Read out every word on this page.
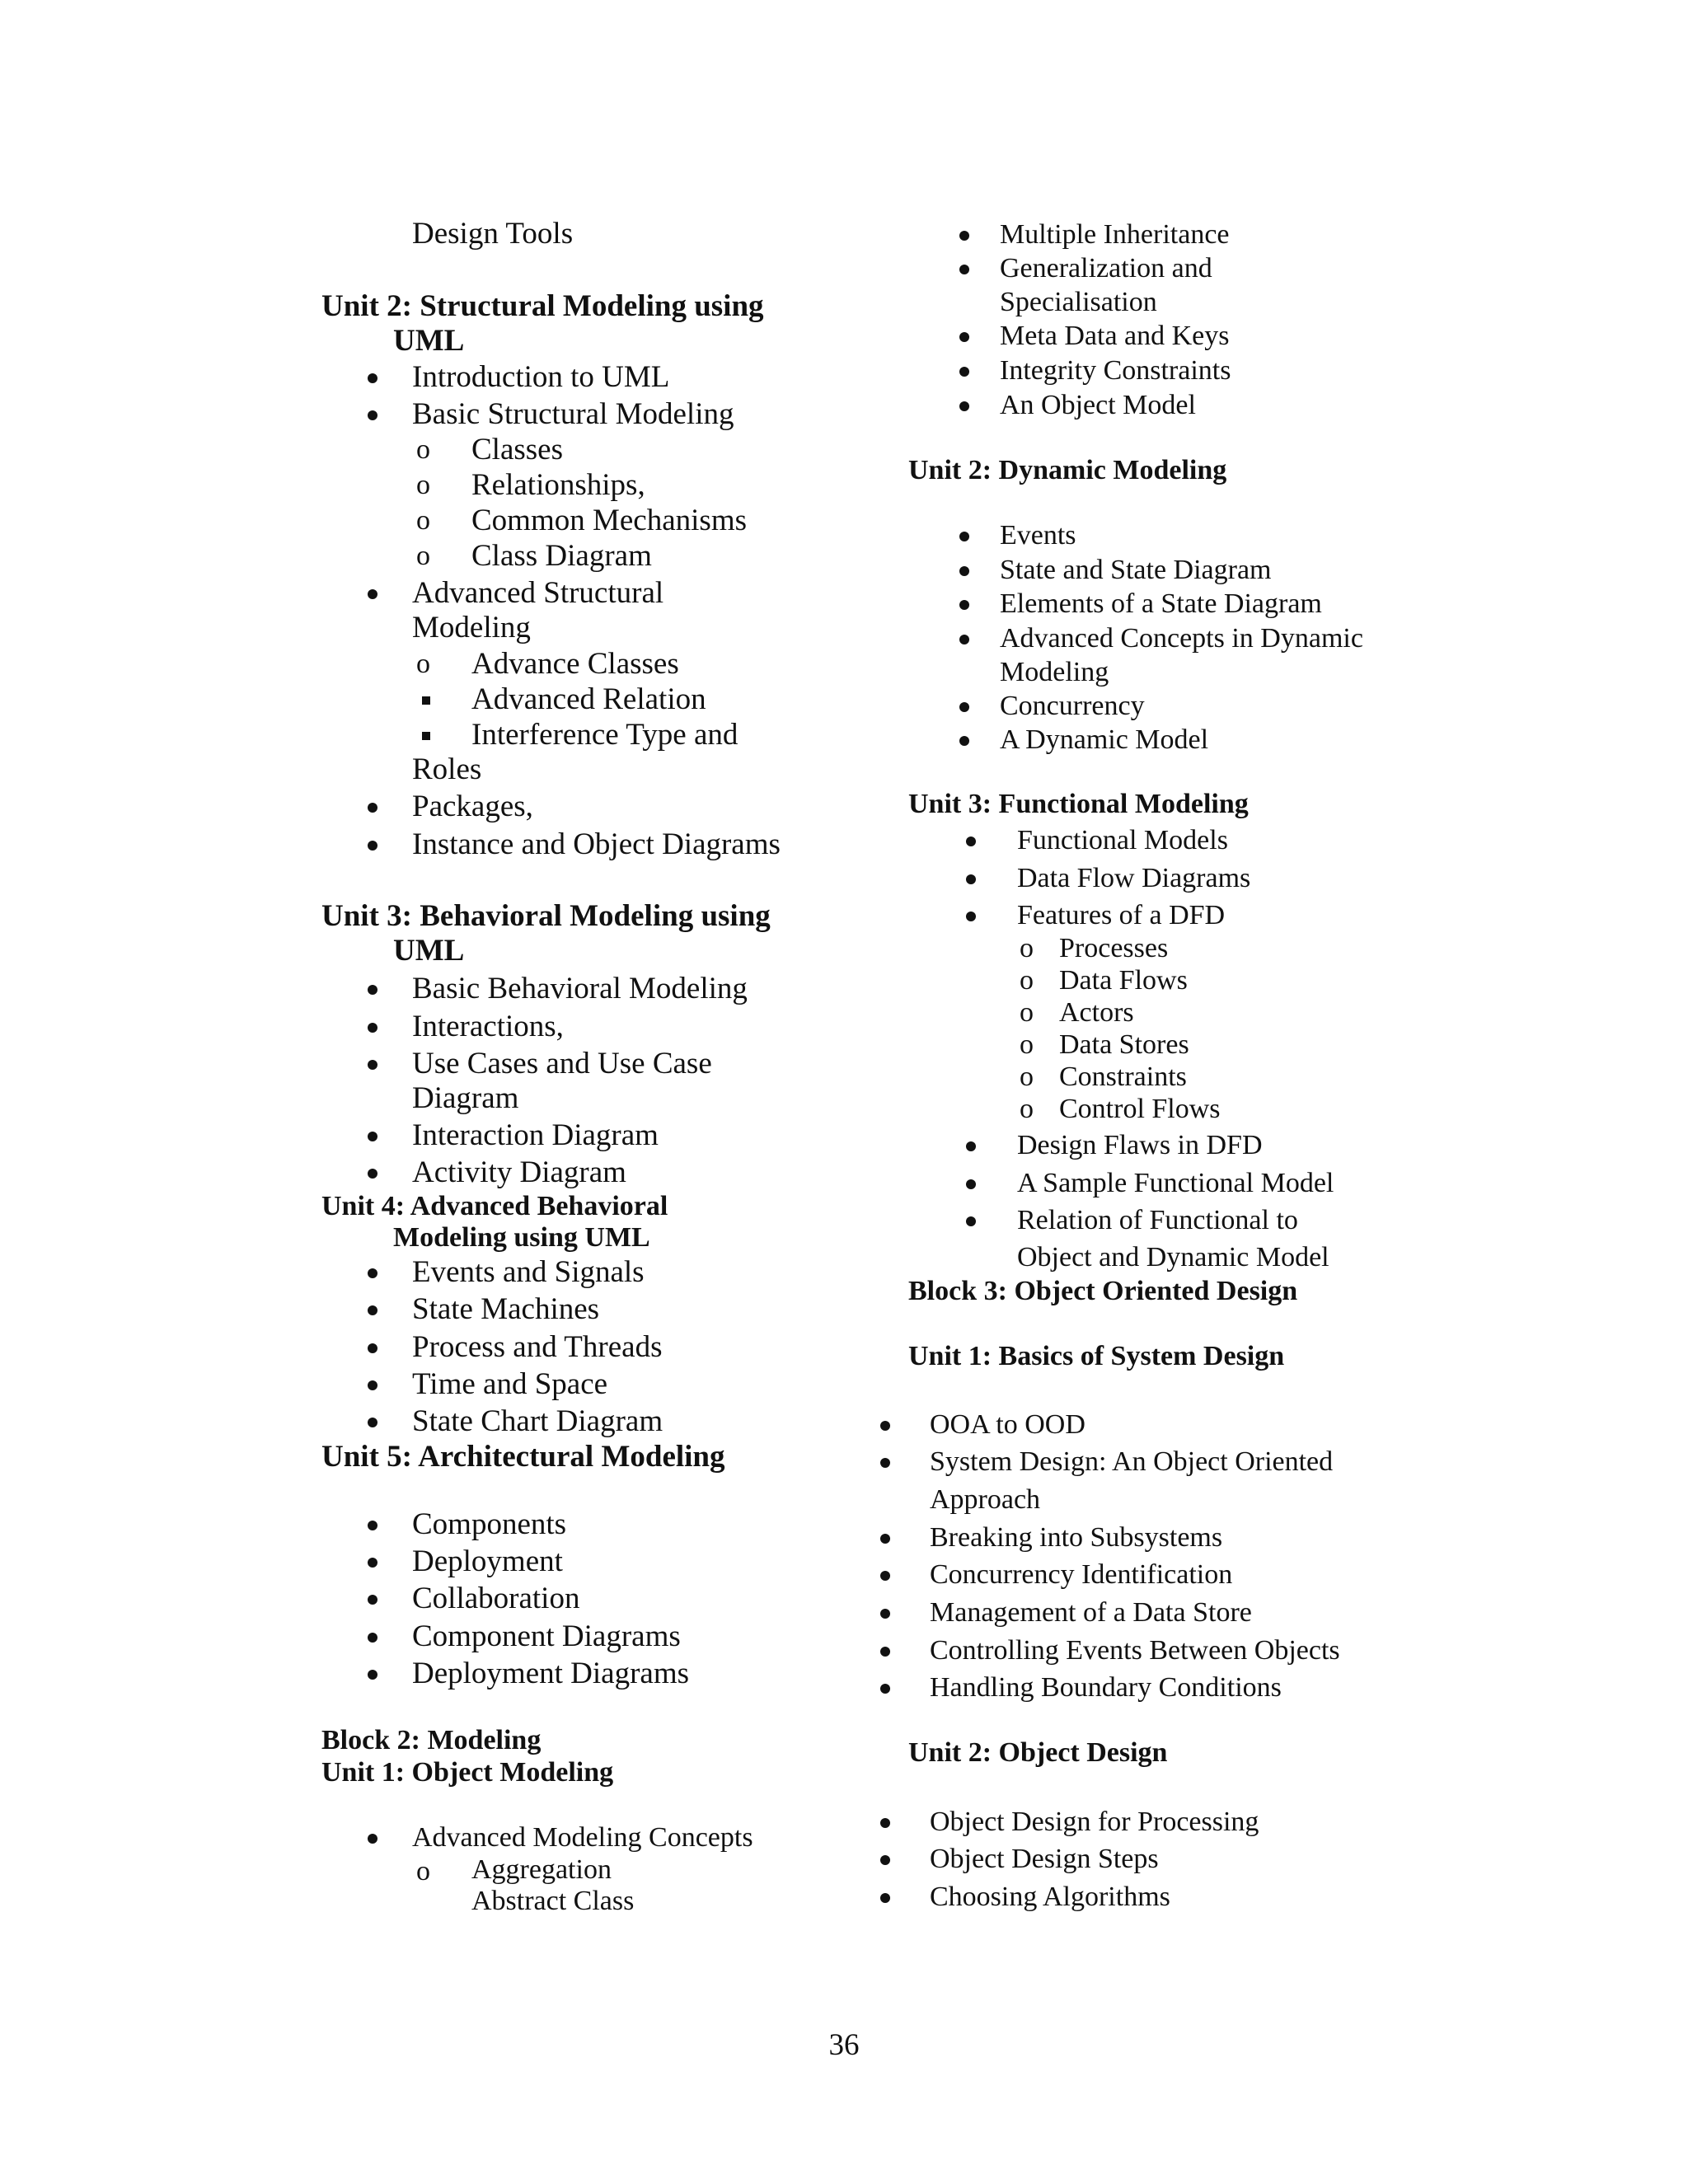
Design Tools
Unit 2: Structural Modeling using
UML
Introduction to UML
Basic Structural Modeling
o Classes
o Relationships,
o Common Mechanisms
o Class Diagram
Advanced Structural
Modeling
o Advance Classes
Advanced Relation
Interference Type and
Roles
Packages,
Instance and Object Diagrams
Unit 3: Behavioral Modeling using
UML
Basic Behavioral Modeling
Interactions,
Use Cases and Use Case
Diagram
Interaction Diagram
Activity Diagram
Unit 4: Advanced Behavioral
Modeling using UML
Events and Signals
State Machines
Process and Threads
Time and Space
State Chart Diagram
Unit 5: Architectural Modeling
Components
Deployment
Collaboration
Component Diagrams
Deployment Diagrams
Block 2: Modeling
Unit 1: Object Modeling
Advanced Modeling Concepts
o Aggregation
Abstract Class
Multiple Inheritance
Generalization and
Specialisation
Meta Data and Keys
Integrity Constraints
An Object Model
Unit 2: Dynamic Modeling
Events
State and State Diagram
Elements of a State Diagram
Advanced Concepts in Dynamic
Modeling
Concurrency
A Dynamic Model
Unit 3: Functional Modeling
Functional Models
Data Flow Diagrams
Features of a DFD
o Processes
o Data Flows
o Actors
o Data Stores
o Constraints
o Control Flows
Design Flaws in DFD
A Sample Functional Model
Relation of Functional to
Object and Dynamic Model
Block 3: Object Oriented Design
Unit 1: Basics of System Design
OOA to OOD
System Design: An Object Oriented
Approach
Breaking into Subsystems
Concurrency Identification
Management of a Data Store
Controlling Events Between Objects
Handling Boundary Conditions
Unit 2: Object Design
Object Design for Processing
Object Design Steps
Choosing Algorithms
36
